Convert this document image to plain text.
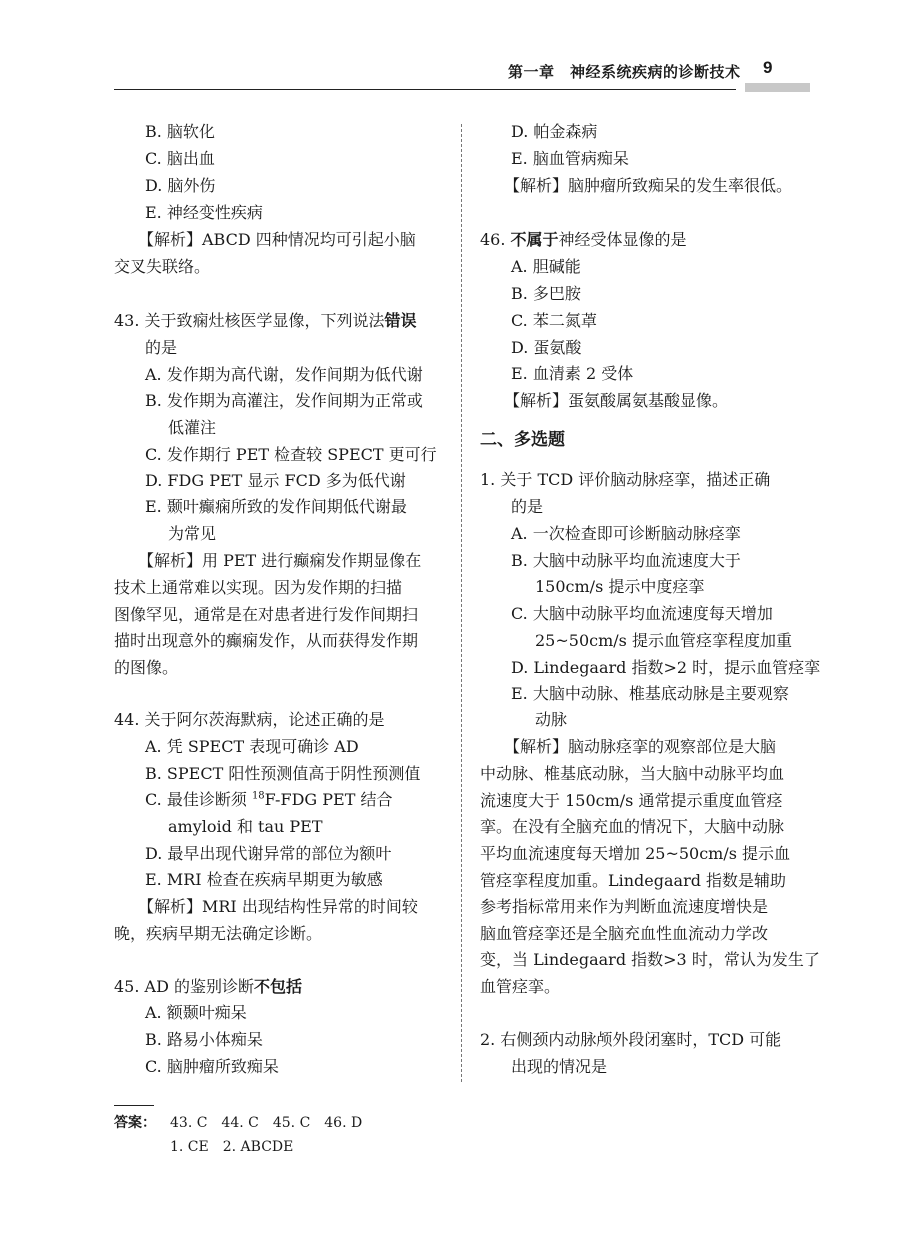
第一章　神经系统疾病的诊断技术 9
B. 脑软化
C. 脑出血
D. 脑外伤
E. 神经变性疾病
【解析】ABCD 四种情况均可引起小脑
交叉失联络。
43. 关于致痫灶核医学显像，下列说法错误
的是
A. 发作期为高代谢，发作间期为低代谢
B. 发作期为高灌注，发作间期为正常或
低灌注
C. 发作期行 PET 检查较 SPECT 更可行
D. FDG PET 显示 FCD 多为低代谢
E. 颞叶癫痫所致的发作间期低代谢最
为常见
【解析】用 PET 进行癫痫发作期显像在
技术上通常难以实现。因为发作期的扫描
图像罕见，通常是在对患者进行发作间期扫
描时出现意外的癫痫发作，从而获得发作期
的图像。
44. 关于阿尔茨海默病，论述正确的是
A. 凭 SPECT 表现可确诊 AD
B. SPECT 阳性预测值高于阴性预测值
C. 最佳诊断须 $^{18}$F-FDG PET 结合
amyloid 和 tau PET
D. 最早出现代谢异常的部位为额叶
E. MRI 检查在疾病早期更为敏感
【解析】MRI 出现结构性异常的时间较
晚，疾病早期无法确定诊断。
45. AD 的鉴别诊断不包括
A. 额颞叶痴呆
B. 路易小体痴呆
C. 脑肿瘤所致痴呆
D. 帕金森病
E. 脑血管病痴呆
【解析】脑肿瘤所致痴呆的发生率很低。
46. 不属于神经受体显像的是
A. 胆碱能
B. 多巴胺
C. 苯二氮䓬
D. 蛋氨酸
E. 血清素 2 受体
【解析】蛋氨酸属氨基酸显像。
二、多选题
1. 关于 TCD 评价脑动脉痉挛，描述正确
的是
A. 一次检查即可诊断脑动脉痉挛
B. 大脑中动脉平均血流速度大于
150cm/s 提示中度痉挛
C. 大脑中动脉平均血流速度每天增加
25~50cm/s 提示血管痉挛程度加重
D. Lindegaard 指数>2 时，提示血管痉挛
E. 大脑中动脉、椎基底动脉是主要观察
动脉
【解析】脑动脉痉挛的观察部位是大脑
中动脉、椎基底动脉，当大脑中动脉平均血
流速度大于 150cm/s 通常提示重度血管痉
挛。在没有全脑充血的情况下，大脑中动脉
平均血流速度每天增加 25~50cm/s 提示血
管痉挛程度加重。Lindegaard 指数是辅助
参考指标常用来作为判断血流速度增快是
脑血管痉挛还是全脑充血性血流动力学改
变，当 Lindegaard 指数>3 时，常认为发生了
血管痉挛。
2. 右侧颈内动脉颅外段闭塞时，TCD 可能
出现的情况是
答案： 43. C　44. C　45. C　46. D
1. CE　2. ABCDE
